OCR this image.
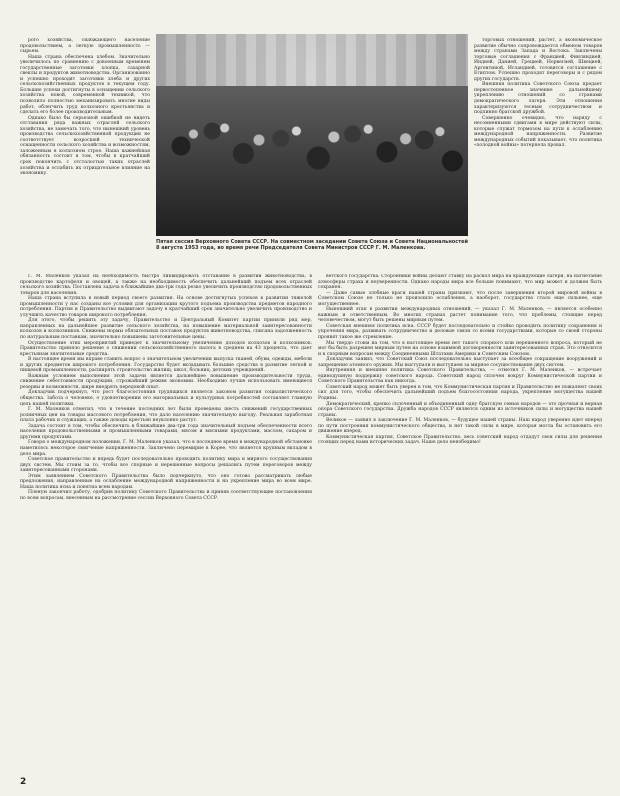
рого хозяйства, снабжающего население продовольствием, а легкую промышленность — сырьем.

Наша страна обеспечена хлебом. Значительно увеличилось по сравнению с довоенным временем государственные заготовки хлопка, сахарной свеклы и продуктов животноводства. Организованно и успешно проходят заготовки хлеба и других сельскохозяйственных продуктов в текущем году. Большие успехи достигнуты в оснащении сельского хозяйства новой, современной техникой, что позволило полностью механизировать многие виды работ, облегчить труд колхозного крестьянства и сделать его более производительным.

Однако было бы серьезной ошибкой не видеть отставания ряда важных отраслей сельского хозяйства, не замечать того, что нынешний уровень производства сельскохозяйственной продукции не соответствует возросшей технической оснащенности сельского хозяйства и возможностям, заложенным в колхозном строе. Наша важнейшая обязанность состоит в том, чтобы в кратчайший срок покончить с отсталостью таких отраслей хозяйства и ослабить их отрицательное влияние на экономику.

Пятая сессия Верховного Совета СССР. На совместном заседании Совета Союза и Совета Национальностей 8 августа 1953 года, во время речи Председателя Совета Министров СССР Г. М. Маленкова.

торговых отношений, растет, а экономическое развитие обычно сопровождается обменом товаров между странами Запада и Востока. Заключены торговые соглашения с Францией, Финляндией, Индией, Данией, Грецией, Норвегией, Швецией, Аргентиной, Исландией, готовится соглашение с Египтом. Успешно проходят переговоры и с рядом других государств.

Внешняя политика Советского Союза предает первостепенное значение дальнейшему укреплению отношений со странами демократического лагеря. Эти отношения характеризуются тесным сотрудничеством и подлинно братской дружбой.

Совершенно очевидно, что наряду с несомненными сдвигами в мире действуют силы, которые служат тормозом на пути к ослаблению международной напряженности. Развитие международных событий показывает, что политика «холодной войны» потерпела провал.

Г. М. Маленков указал на необходимость быстро ликвидировать отставание в развитии животноводства, в производстве картофеля и овощей, а также на необходимость обеспечить дальнейший подъем всех отраслей сельского хозяйства. Поставлена задача в ближайшие два-три года резко увеличить производство продовольственных товаров для населения.

Наша страна вступила в новый период своего развития. На основе достигнутых успехов в развитии тяжелой промышленности у нас созданы все условия для организации крутого подъема производства предметов народного потребления. Партия и Правительство выдвигают задачу в кратчайший срок значительно увеличить производство и улучшить качество товаров широкого потребления.

Для этого, чтобы решить эту задачу, Правительство и Центральный Комитет партии приняли ряд мер, направленных на дальнейшее развитие сельского хозяйства, на повышение материальной заинтересованности колхозов и колхозников. Снижены нормы обязательных поставок продуктов животноводства, списана задолженность по натуральным поставкам, значительно повышены заготовительные цены.

Осуществление этих мероприятий приведет к значительному увеличению доходов колхозов и колхозников. Правительство приняло решение о снижении сельскохозяйственного налога в среднем на 43 процента, что дает крестьянам значительные средства.

В настоящее время мы вправе ставить вопрос о значительном увеличении выпуска тканей, обуви, одежды, мебели и других предметов широкого потребления. Государство будет вкладывать большие средства в развитие легкой и пищевой промышленности, расширять строительство жилищ, школ, больниц, детских учреждений.

Важным условием выполнения этой задачи является дальнейшее повышение производительности труда, снижение себестоимости продукции, строжайший режим экономии. Необходимо лучше использовать имеющиеся резервы и возможности, шире внедрять передовой опыт.

Докладчик подчеркнул, что рост благосостояния трудящихся является законом развития социалистического общества. Забота о человеке, о удовлетворении его материальных и культурных потребностей составляет главную цель нашей политики.

Г. М. Маленков отметил, что в течение последних лет были проведены шесть снижений государственных розничных цен на товары массового потребления, что дало населению значительную выгоду. Реальная заработная плата рабочих и служащих, а также доходы крестьян неуклонно растут.

Задача состоит в том, чтобы обеспечить в ближайшие два-три года значительный подъем обеспеченности всего населения продовольственными и промышленными товарами, мясом и мясными продуктами, маслом, сахаром и другими продуктами.

Говоря о международном положении, Г. М. Маленков указал, что в последнее время в международной обстановке наметилось некоторое смягчение напряженности. Заключено перемирие в Корее, что является крупным вкладом в дело мира.

Советское правительство и впредь будет последовательно проводить политику мира и мирного сосуществования двух систем. Мы стоим за то, чтобы все спорные и нерешенные вопросы решались путем переговоров между заинтересованными сторонами.

Этим заявлением Советского Правительства было подчеркнуто, что оно готово рассматривать любые предложения, направленные на ослабление международной напряженности и на укрепление мира во всем мире. Наша политика ясна и понятна всем народам.

Пленум закончил работу, одобрив политику Советского Правительства и приняв соответствующие постановления по всем вопросам, внесенным на рассмотрение сессии Верховного Совета СССР.

ветского государства. Сторонники войны делают ставку на раскол мира на враждующие лагери, на нагнетание атмосферы страха и неуверенности. Однако народы мира все больше понимают, что мир может и должен быть сохранен.

— Даже самые злобные враги нашей страны признают, что после завершения второй мировой войны в Советском Союзе не только не произошло ослабления, а наоборот, государство стало еще сильнее, еще могущественнее.

Нынешний этап в развитии международных отношений, — указал Г. М. Маленков, — является особенно важным и ответственным. Во многих странах растет понимание того, что проблемы, стоящие перед человечеством, могут быть решены мирным путем.

Советская внешняя политика ясна. СССР будет последовательно и стойко проводить политику сохранения и упрочения мира, развивать сотрудничество и деловые связи со всеми государствами, которые со своей стороны проявят такое же стремление.

Мы твердо стоим на том, что в настоящее время нет такого спорного или нерешенного вопроса, который не мог бы быть разрешен мирным путем на основе взаимной договоренности заинтересованных стран. Это относится и к спорным вопросам между Соединенными Штатами Америки и Советским Союзом.

Докладчик заявил, что Советский Союз последовательно выступает за всеобщее сокращение вооружений и запрещение атомного оружия. Мы выступали и выступаем за мирное сосуществование двух систем.

Внутренняя и внешняя политика Советского Правительства, — отметил Г. М. Маленков, — встречает единодушную поддержку советского народа. Советский народ сплочен вокруг Коммунистической партии и Советского Правительства как никогда.

Советский народ может быть уверен в том, что Коммунистическая партия и Правительство не пожалеют своих сил для того, чтобы обеспечить дальнейший подъем благосостояния народа, укрепление могущества нашей Родины.

Демократический, крепко сплоченный и объединенный одну братскую семью народов — это прочная и верная опора Советского государства. Дружба народов СССР является одним из источников силы и могущества нашей страны.

Великое — заявил в заключение Г. М. Маленков, — будущее нашей страны. Наш народ уверенно идет вперед по пути построения коммунистического общества, и нет такой силы в мире, которая могла бы остановить его движение вперед.

Коммунистическая партия, Советское Правительство, весь советский народ отдадут свои силы для решения стоящих перед нами исторических задач. Наше дело непобедимо!

2
